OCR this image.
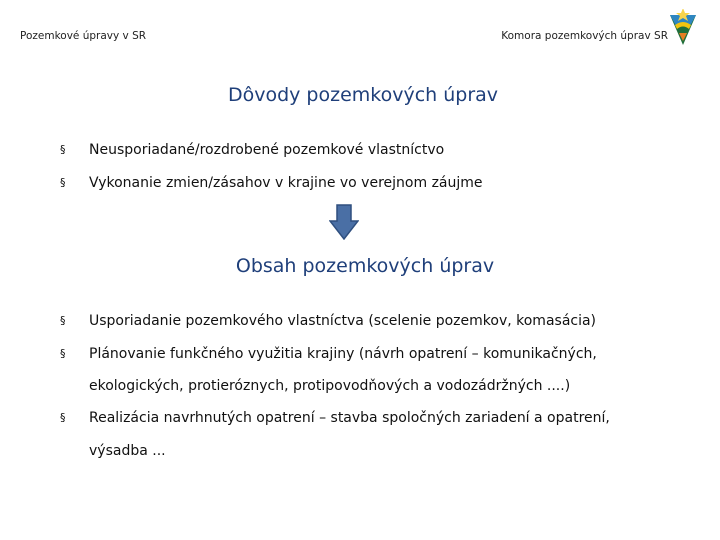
Pozemkové úpravy v SR	Komora pozemkových úprav SR
Dôvody pozemkových úprav
§ Neusporiadané/rozdrobené pozemkové vlastníctvo
§ Vykonanie zmien/zásahov v krajine vo verejnom záujme
Obsah pozemkových úprav
§ Usporiadanie pozemkového vlastníctva (scelenie pozemkov, komasácia)
§ Plánovanie funkčného využitia krajiny (návrh opatrení – komunikačných,
ekologických, protieróznych, protipovodňových a vodozádržných ....)
§ Realizácia navrhnutých opatrení – stavba spoločných zariadení a opatrení,
výsadba ...
